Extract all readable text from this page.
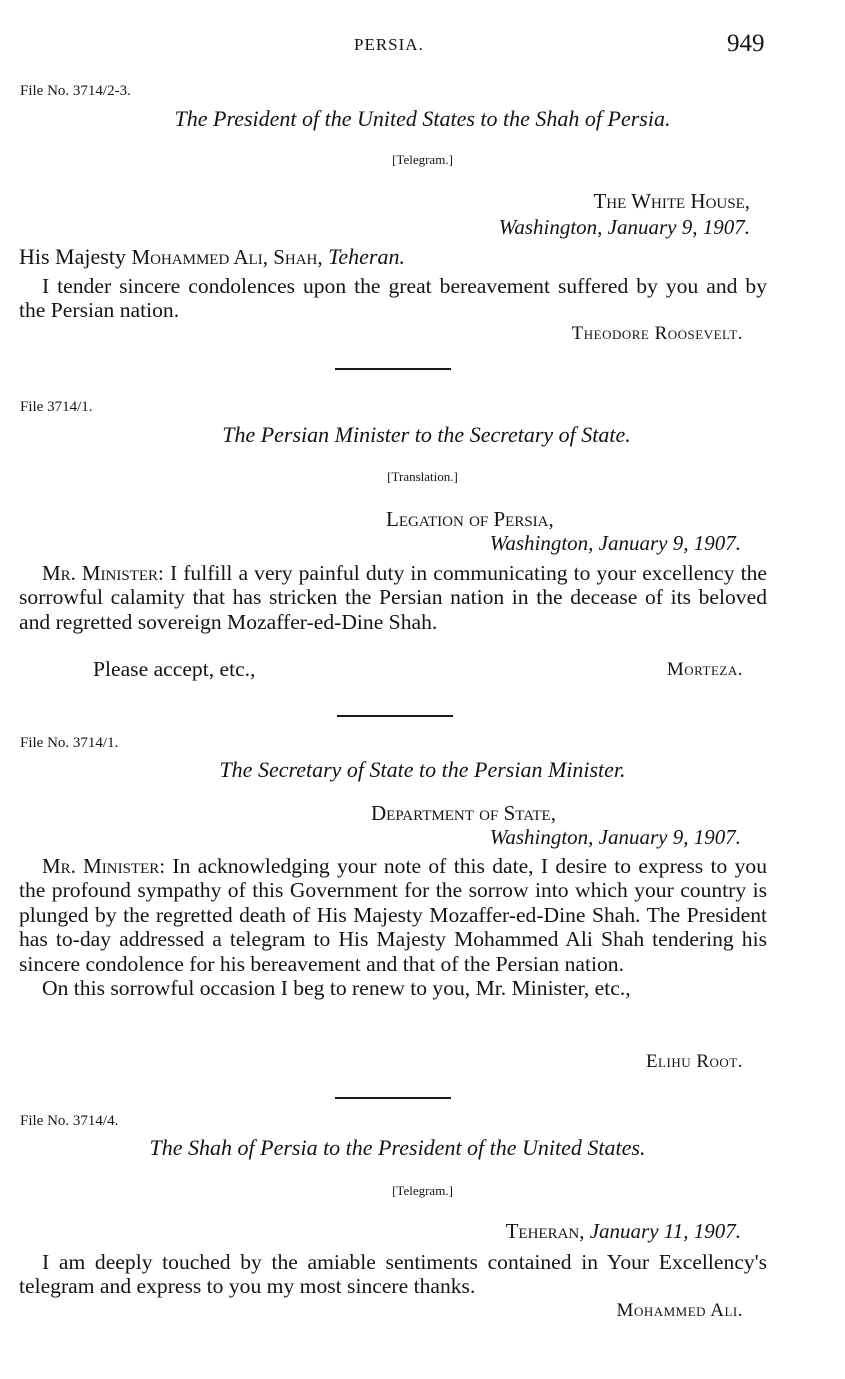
PERSIA.	949
File No. 3714/2-3.
The President of the United States to the Shah of Persia.
[Telegram.]
The White House,
Washington, January 9, 1907.
His Majesty Mohammed Ali, Shah, Teheran.

I tender sincere condolences upon the great bereavement suffered by you and by the Persian nation.

Theodore Roosevelt.
File 3714/1.
The Persian Minister to the Secretary of State.
[Translation.]
Legation of Persia,
Washington, January 9, 1907.

Mr. Minister: I fulfill a very painful duty in communicating to your excellency the sorrowful calamity that has stricken the Persian nation in the decease of its beloved and regretted sovereign Mozaffer-ed-Dine Shah.

Please accept, etc.,	Morteza.
File No. 3714/1.
The Secretary of State to the Persian Minister.
Department of State,
Washington, January 9, 1907.

Mr. Minister: In acknowledging your note of this date, I desire to express to you the profound sympathy of this Government for the sorrow into which your country is plunged by the regretted death of His Majesty Mozaffer-ed-Dine Shah. The President has to-day addressed a telegram to His Majesty Mohammed Ali Shah tendering his sincere condolence for his bereavement and that of the Persian nation.

On this sorrowful occasion I beg to renew to you, Mr. Minister, etc.,

Elihu Root.
File No. 3714/4.
The Shah of Persia to the President of the United States.
[Telegram.]
Teheran, January 11, 1907.

I am deeply touched by the amiable sentiments contained in Your Excellency's telegram and express to you my most sincere thanks.

Mohammed Ali.
